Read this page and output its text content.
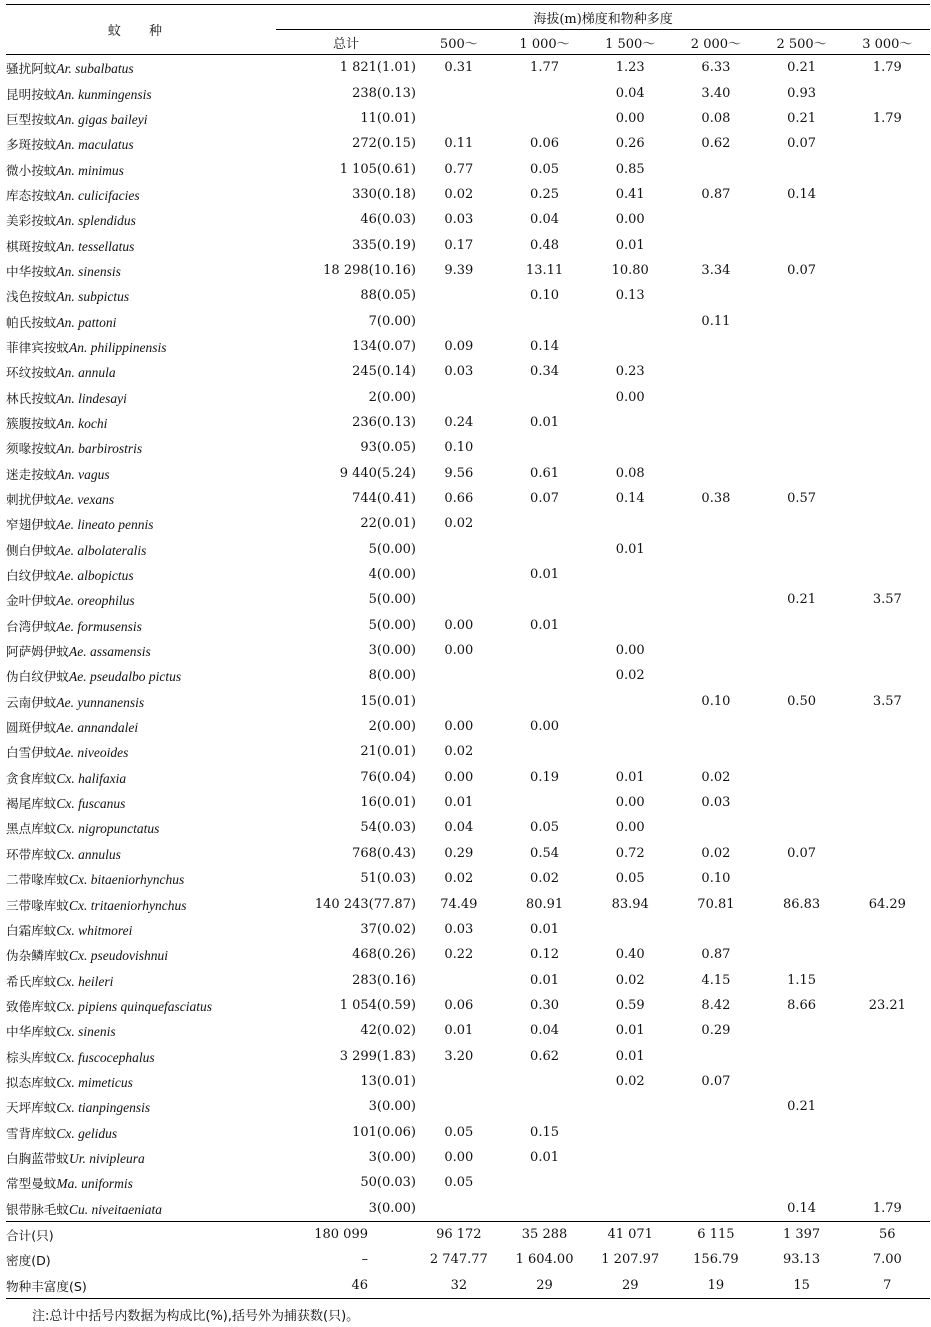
蚊 种	海拔(m)梯度和物种多度						
	总计	500～	1 000～	1 500～	2 000～	2 500～	3 000～
骚扰阿蚊Ar. subalbatus	1 821(1.01)	0.31	1.77	1.23	6.33	0.21	1.79
昆明按蚊An. kunmingensis	238(0.13)			0.04	3.40	0.93	
巨型按蚊An. gigas baileyi	11(0.01)			0.00	0.08	0.21	1.79
多斑按蚊An. maculatus	272(0.15)	0.11	0.06	0.26	0.62	0.07	
微小按蚊An. minimus	1 105(0.61)	0.77	0.05	0.85			
库态按蚊An. culicifacies	330(0.18)	0.02	0.25	0.41	0.87	0.14	
美彩按蚊An. splendidus	46(0.03)	0.03	0.04	0.00			
棋斑按蚊An. tessellatus	335(0.19)	0.17	0.48	0.01			
中华按蚊An. sinensis	18 298(10.16)	9.39	13.11	10.80	3.34	0.07	
浅色按蚊An. subpictus	88(0.05)		0.10	0.13			
帕氏按蚊An. pattoni	7(0.00)				0.11		
菲律宾按蚊An. philippinensis	134(0.07)	0.09	0.14				
环纹按蚊An. annula	245(0.14)	0.03	0.34	0.23			
林氏按蚊An. lindesayi	2(0.00)			0.00			
簇腹按蚊An. kochi	236(0.13)	0.24	0.01				
须喙按蚊An. barbirostris	93(0.05)	0.10					
迷走按蚊An. vagus	9 440(5.24)	9.56	0.61	0.08			
刺扰伊蚊Ae. vexans	744(0.41)	0.66	0.07	0.14	0.38	0.57	
窄翅伊蚊Ae. lineato pennis	22(0.01)	0.02					
侧白伊蚊Ae. albolateralis	5(0.00)			0.01			
白纹伊蚊Ae. albopictus	4(0.00)		0.01				
金叶伊蚊Ae. oreophilus	5(0.00)					0.21	3.57
台湾伊蚊Ae. formusensis	5(0.00)	0.00	0.01				
阿萨姆伊蚊Ae. assamensis	3(0.00)	0.00		0.00			
伪白纹伊蚊Ae. pseudalbo pictus	8(0.00)			0.02			
云南伊蚊Ae. yunnanensis	15(0.01)				0.10	0.50	3.57
圆斑伊蚊Ae. annandalei	2(0.00)	0.00	0.00				
白雪伊蚊Ae. niveoides	21(0.01)	0.02					
贪食库蚊Cx. halifaxia	76(0.04)	0.00	0.19	0.01	0.02		
褐尾库蚊Cx. fuscanus	16(0.01)	0.01		0.00	0.03		
黑点库蚊Cx. nigropunctatus	54(0.03)	0.04	0.05	0.00			
环带库蚊Cx. annulus	768(0.43)	0.29	0.54	0.72	0.02	0.07	
二带喙库蚊Cx. bitaeniorhynchus	51(0.03)	0.02	0.02	0.05	0.10		
三带喙库蚊Cx. tritaeniorhynchus	140 243(77.87)	74.49	80.91	83.94	70.81	86.83	64.29
白霜库蚊Cx. whitmorei	37(0.02)	0.03	0.01				
伪杂鳞库蚊Cx. pseudovishnui	468(0.26)	0.22	0.12	0.40	0.87		
希氏库蚊Cx. heileri	283(0.16)		0.01	0.02	4.15	1.15	
致倦库蚊Cx. pipiens quinquefasciatus	1 054(0.59)	0.06	0.30	0.59	8.42	8.66	23.21
中华库蚊Cx. sinenis	42(0.02)	0.01	0.04	0.01	0.29		
棕头库蚊Cx. fuscocephalus	3 299(1.83)	3.20	0.62	0.01			
拟态库蚊Cx. mimeticus	13(0.01)			0.02	0.07		
天坪库蚊Cx. tianpingensis	3(0.00)					0.21	
雪背库蚊Cx. gelidus	101(0.06)	0.05	0.15				
白胸蓝带蚊Ur. nivipleura	3(0.00)	0.00	0.01				
常型曼蚊Ma. uniformis	50(0.03)	0.05					
银带脉毛蚊Cu. niveitaeniata	3(0.00)					0.14	1.79
合计(只)	180 099	96 172	35 288	41 071	6 115	1 397	56
密度(D)	–	2 747.77	1 604.00	1 207.97	156.79	93.13	7.00
物种丰富度(S)	46	32	29	29	19	15	7
注:总计中括号内数据为构成比(%),括号外为捕获数(只)。
